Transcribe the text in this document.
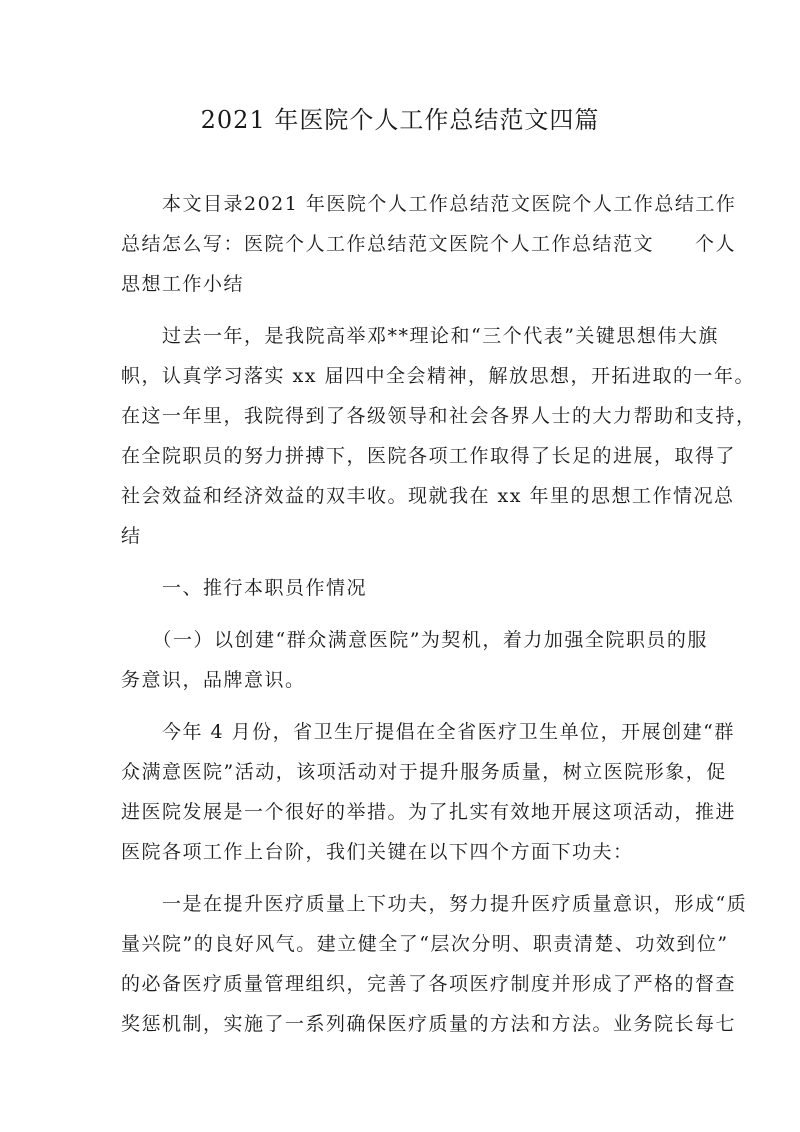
2021 年医院个人工作总结范文四篇
　　本文目录2021 年医院个人工作总结范文医院个人工作总结工作
总结怎么写：医院个人工作总结范文医院个人工作总结范文　　个人
思想工作小结
　　过去一年，是我院高举邓**理论和“三个代表”关键思想伟大旗
帜，认真学习落实 xx 届四中全会精神，解放思想，开拓进取的一年。
在这一年里，我院得到了各级领导和社会各界人士的大力帮助和支持，
在全院职员的努力拼搏下，医院各项工作取得了长足的进展，取得了
社会效益和经济效益的双丰收。现就我在 xx 年里的思想工作情况总
结
　　一、推行本职员作情况
　　（一）以创建“群众满意医院”为契机，着力加强全院职员的服
务意识，品牌意识。
　　今年 4 月份，省卫生厅提倡在全省医疗卫生单位，开展创建“群
众满意医院”活动，该项活动对于提升服务质量，树立医院形象，促
进医院发展是一个很好的举措。为了扎实有效地开展这项活动，推进
医院各项工作上台阶，我们关键在以下四个方面下功夫：
　　一是在提升医疗质量上下功夫，努力提升医疗质量意识，形成“质
量兴院”的良好风气。建立健全了“层次分明、职责清楚、功效到位”
的必备医疗质量管理组织，完善了各项医疗制度并形成了严格的督查
奖惩机制，实施了一系列确保医疗质量的方法和方法。业务院长每七
